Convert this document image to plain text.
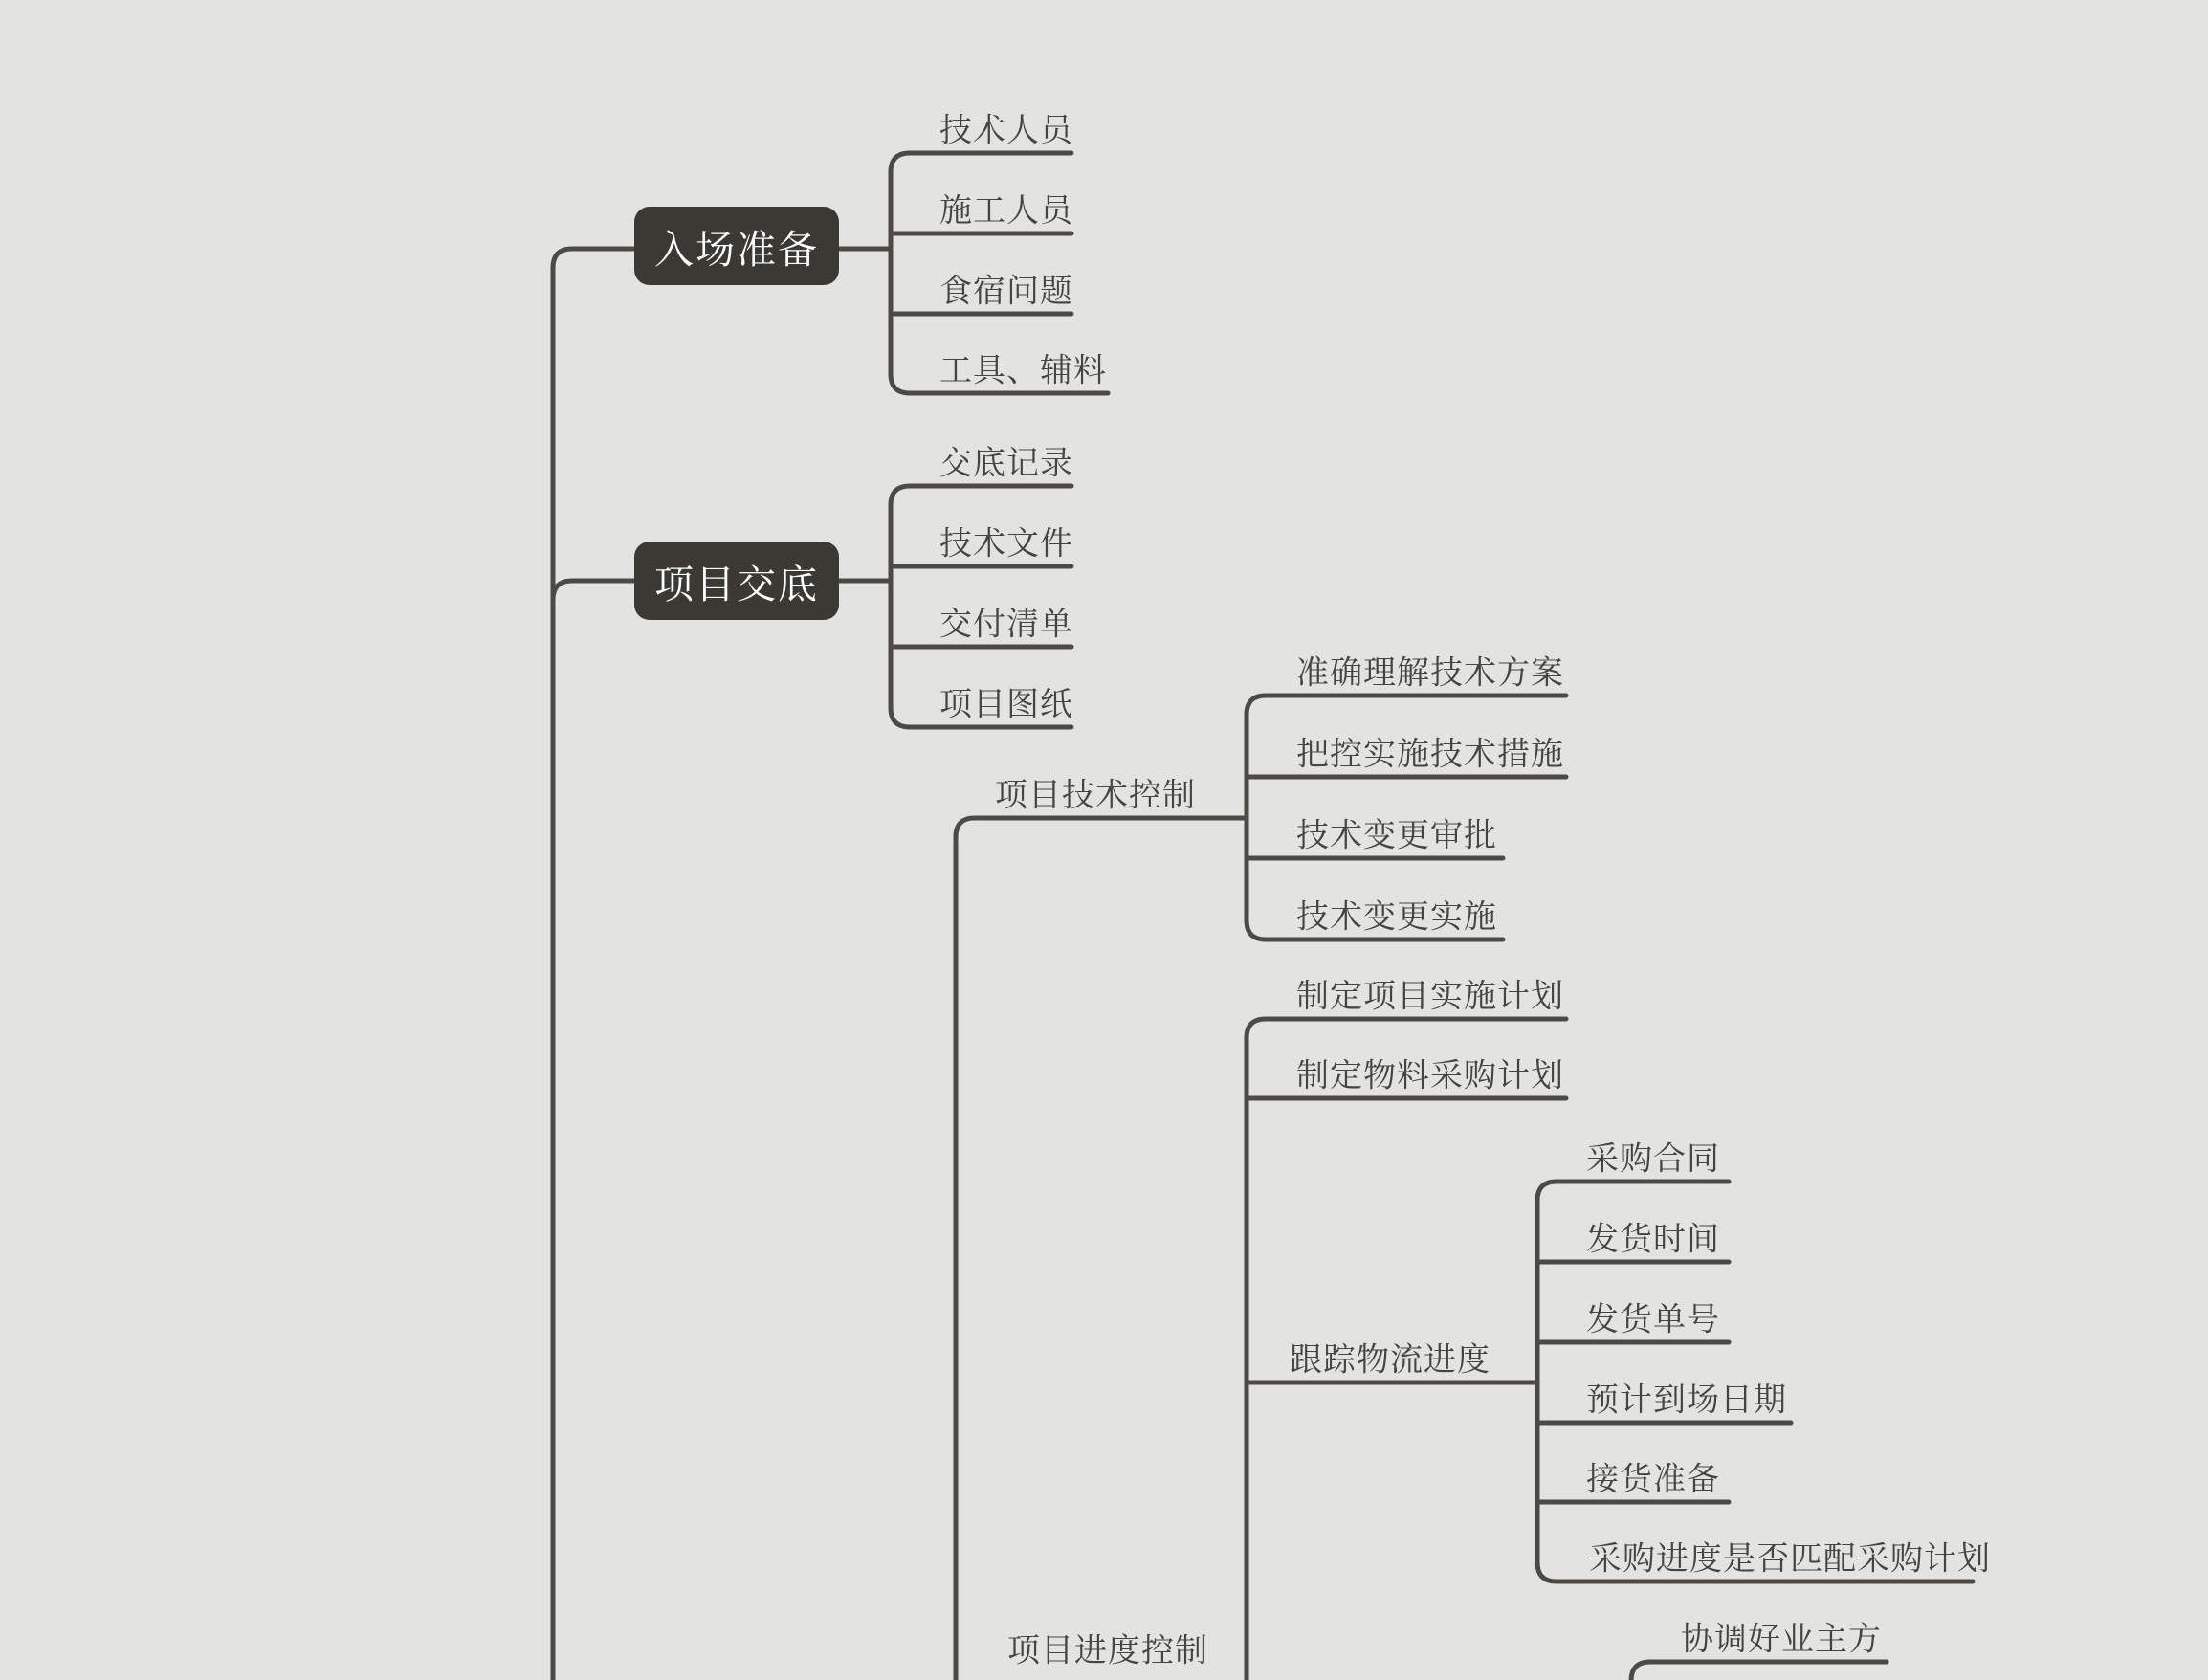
入场准备
项目交底
技术人员
施工人员
食宿问题
工具、辅料
交底记录
技术文件
交付清单
项目图纸
项目技术控制
准确理解技术方案
把控实施技术措施
技术变更审批
技术变更实施
项目进度控制
制定项目实施计划
制定物料采购计划
跟踪物流进度
采购合同
发货时间
发货单号
预计到场日期
接货准备
采购进度是否匹配采购计划
协调好业主方
